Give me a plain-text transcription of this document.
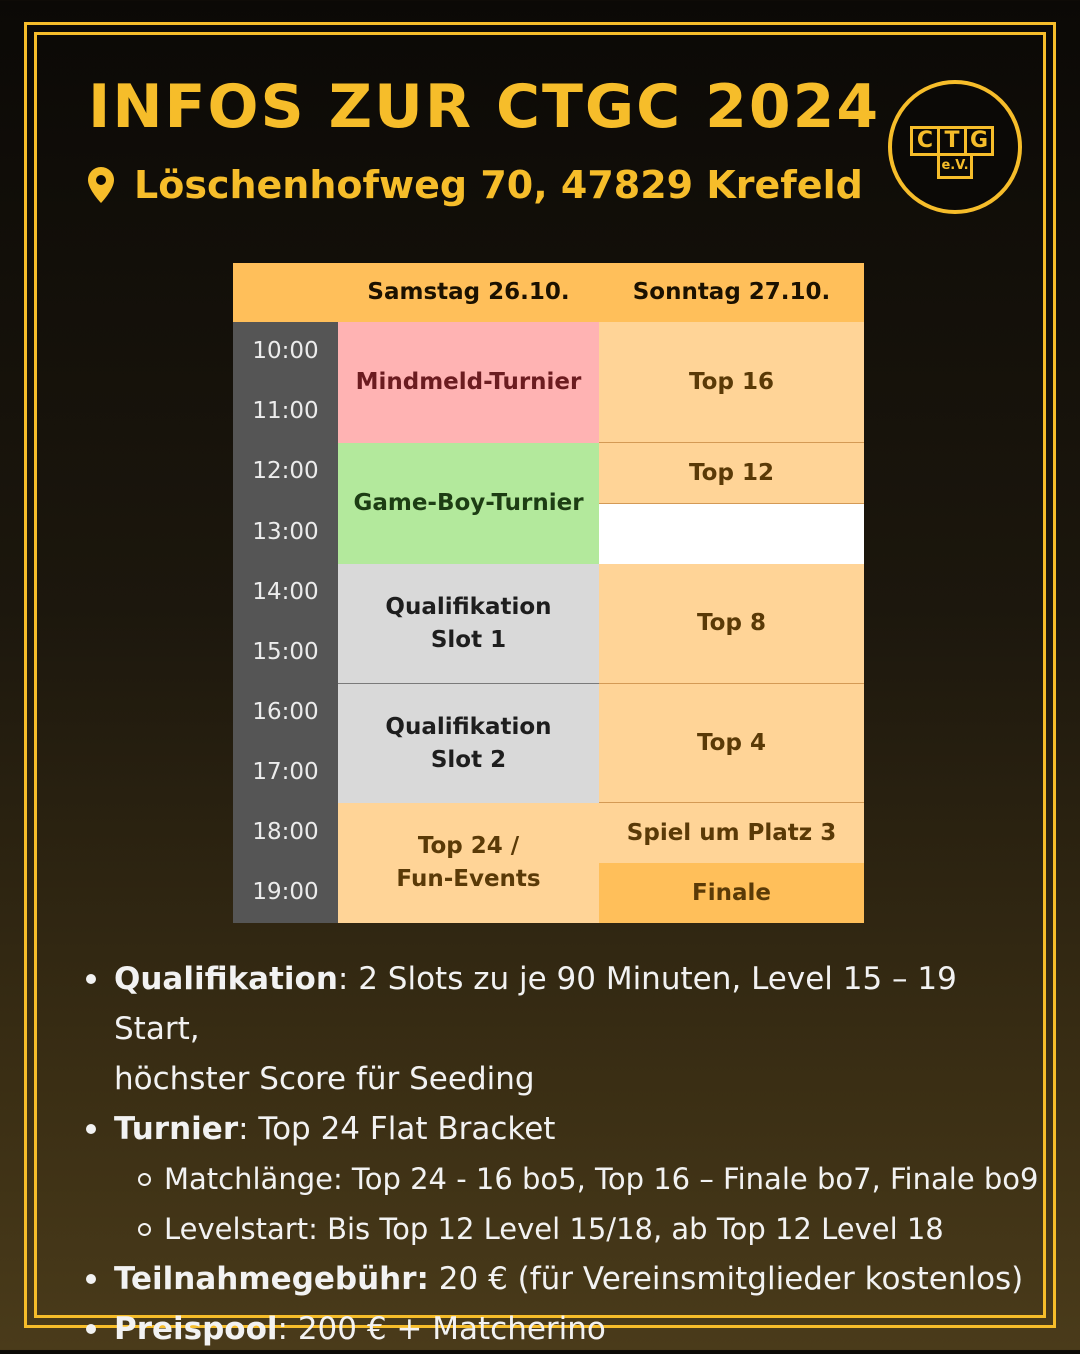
INFOS ZUR CTGC 2024
Löschenhofweg 70, 47829 Krefeld
C T G
e.V.
Samstag 26.10.	Sonntag 27.10.
10:00
11:00
12:00
13:00
14:00
15:00
16:00
17:00
18:00
19:00
Mindmeld-Turnier
Game-Boy-Turnier
Qualifikation
Slot 1
Qualifikation
Slot 2
Top 24 /
Fun-Events
Top 16
Top 12
Top 8
Top 4
Spiel um Platz 3
Finale
Qualifikation: 2 Slots zu je 90 Minuten, Level 15 – 19 Start,
höchster Score für Seeding
Turnier: Top 24 Flat Bracket
Matchlänge: Top 24 - 16 bo5, Top 16 – Finale bo7, Finale bo9
Levelstart: Bis Top 12 Level 15/18, ab Top 12 Level 18
Teilnahmegebühr: 20 € (für Vereinsmitglieder kostenlos)
Preispool: 200 € + Matcherino
